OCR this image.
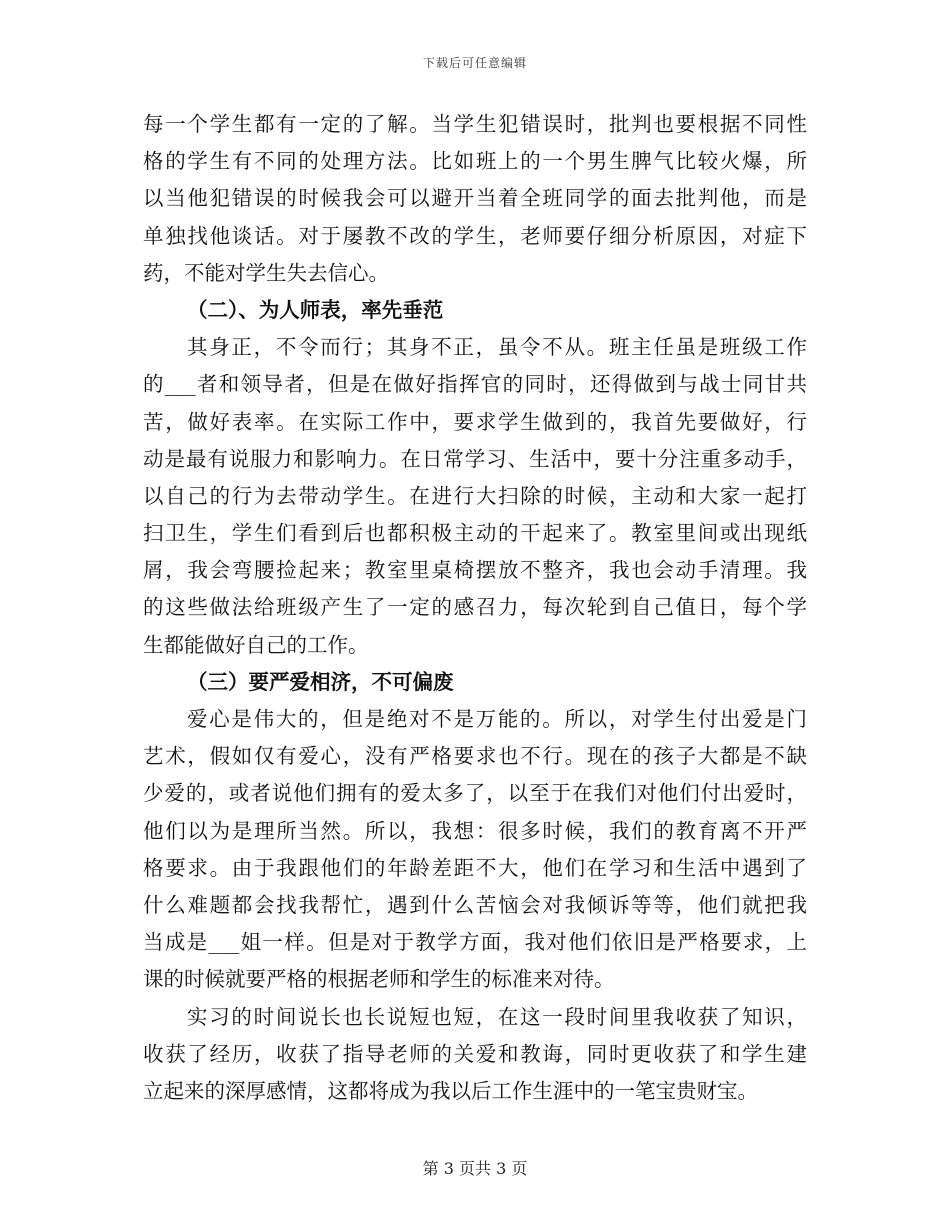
下载后可任意编辑
每一个学生都有一定的了解。当学生犯错误时，批判也要根据不同性
格的学生有不同的处理方法。比如班上的一个男生脾气比较火爆，所
以当他犯错误的时候我会可以避开当着全班同学的面去批判他，而是
单独找他谈话。对于屡教不改的学生，老师要仔细分析原因，对症下
药，不能对学生失去信心。
（二）、为人师表，率先垂范
其身正，不令而行；其身不正，虽令不从。班主任虽是班级工作
的___者和领导者，但是在做好指挥官的同时，还得做到与战士同甘共
苦，做好表率。在实际工作中，要求学生做到的，我首先要做好，行
动是最有说服力和影响力。在日常学习、生活中，要十分注重多动手，
以自己的行为去带动学生。在进行大扫除的时候，主动和大家一起打
扫卫生，学生们看到后也都积极主动的干起来了。教室里间或出现纸
屑，我会弯腰捡起来；教室里桌椅摆放不整齐，我也会动手清理。我
的这些做法给班级产生了一定的感召力，每次轮到自己值日，每个学
生都能做好自己的工作。
（三）要严爱相济，不可偏废
爱心是伟大的，但是绝对不是万能的。所以，对学生付出爱是门
艺术，假如仅有爱心，没有严格要求也不行。现在的孩子大都是不缺
少爱的，或者说他们拥有的爱太多了，以至于在我们对他们付出爱时，
他们以为是理所当然。所以，我想：很多时候，我们的教育离不开严
格要求。由于我跟他们的年龄差距不大，他们在学习和生活中遇到了
什么难题都会找我帮忙，遇到什么苦恼会对我倾诉等等，他们就把我
当成是___姐一样。但是对于教学方面，我对他们依旧是严格要求，上
课的时候就要严格的根据老师和学生的标准来对待。
实习的时间说长也长说短也短，在这一段时间里我收获了知识，
收获了经历，收获了指导老师的关爱和教诲，同时更收获了和学生建
立起来的深厚感情，这都将成为我以后工作生涯中的一笔宝贵财宝。
第 3 页共 3 页
